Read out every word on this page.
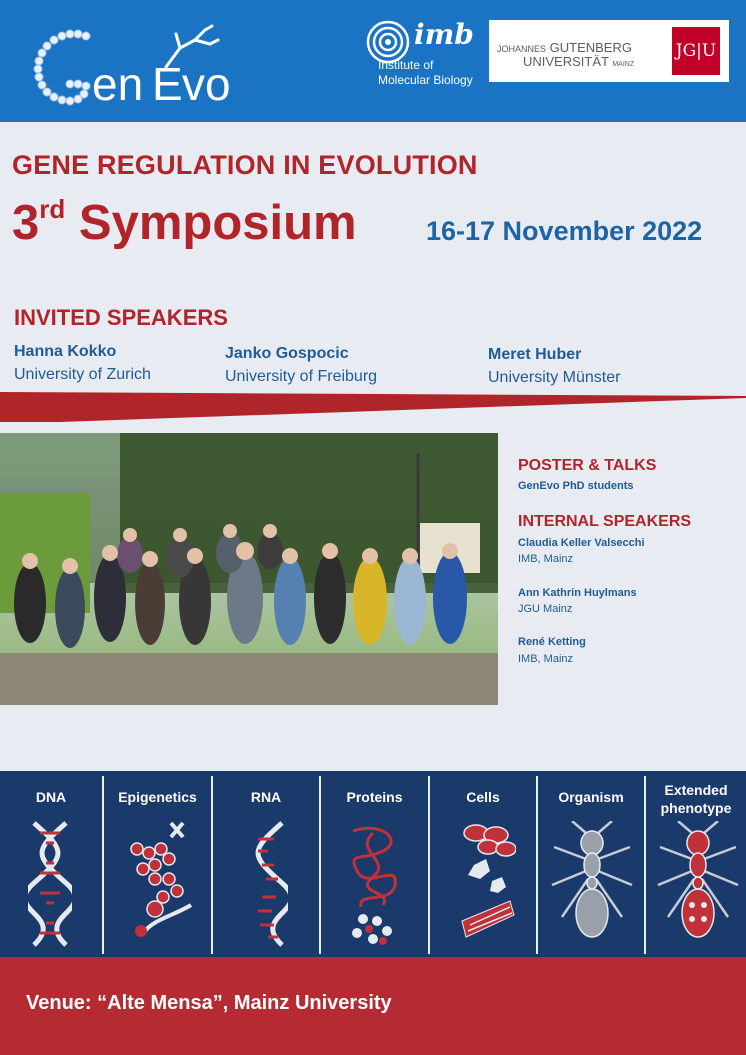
en E vo
imb
Institute of
Molecular Biology
JOHANNES GUTENBERG
UNIVERSITÄT MAINZ
JG|U
GENE REGULATION IN EVOLUTION
3rd Symposium	16-17 November 2022
INVITED SPEAKERS
Hanna Kokko
University of Zurich
Janko Gospocic
University of Freiburg
Meret Huber
University Münster
POSTER & TALKS
GenEvo PhD students
INTERNAL SPEAKERS
Claudia Keller Valsecchi
IMB, Mainz
Ann Kathrin Huylmans
JGU Mainz
René Ketting
IMB, Mainz
DNA	Epigenetics	RNA	Proteins	Cells	Organism	Extended
phenotype
Venue: “Alte Mensa”, Mainz University
